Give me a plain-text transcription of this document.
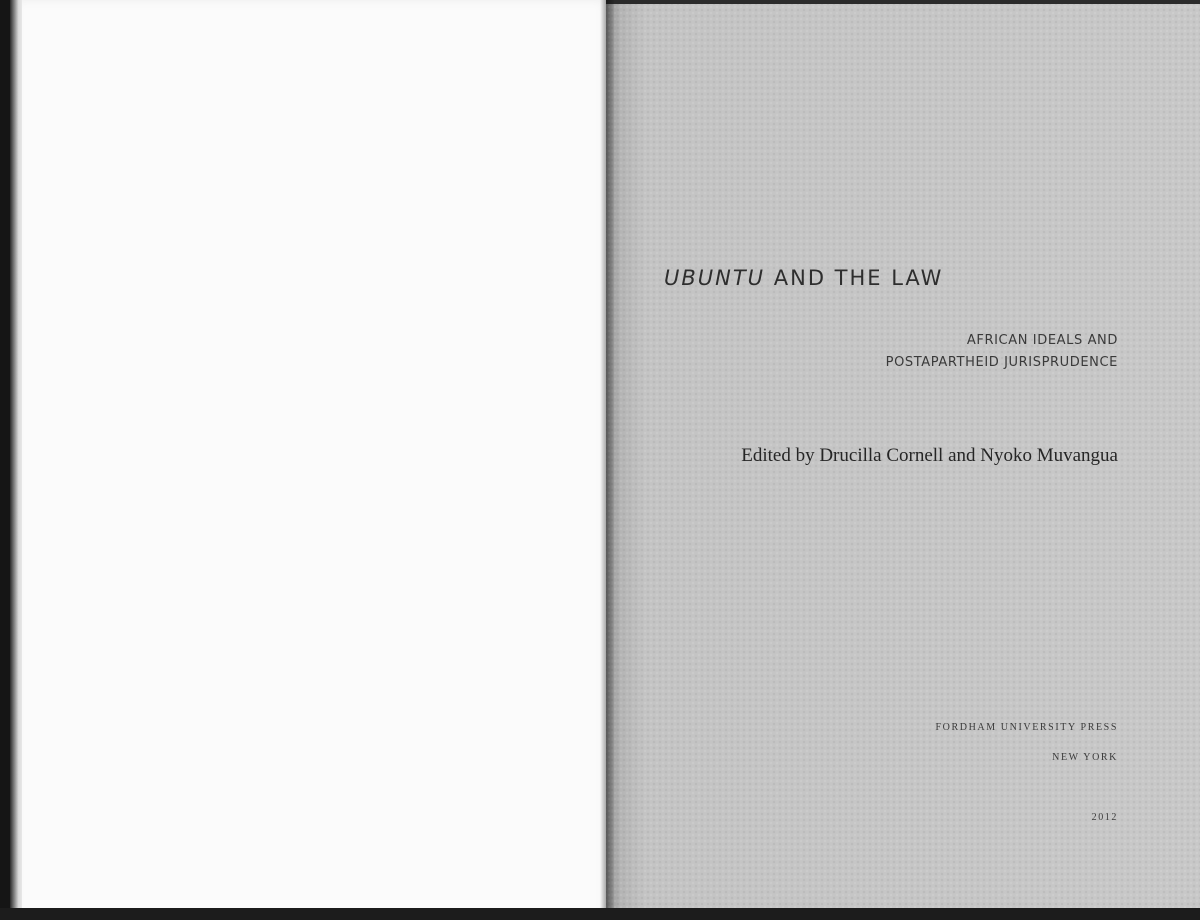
UBUNTU AND THE LAW
AFRICAN IDEALS AND
POSTAPARTHEID JURISPRUDENCE
Edited by Drucilla Cornell and Nyoko Muvangua
FORDHAM UNIVERSITY PRESS
NEW YORK
2012
